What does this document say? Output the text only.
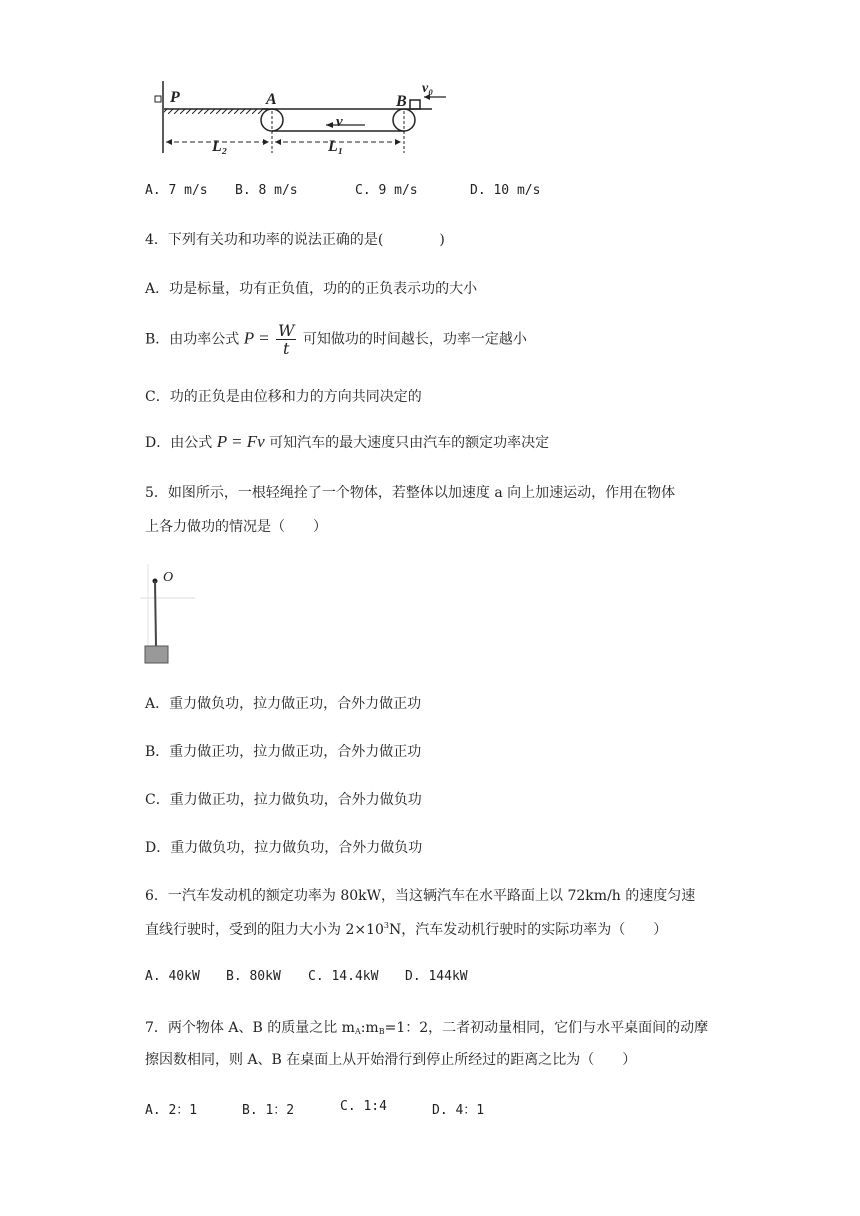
P	A	B
v₀
v
L₂	L₁
A. 7 m/s B. 8 m/s	C. 9 m/s	D. 10 m/s
4．下列有关功和功率的说法正确的是(　　　　)
A．功是标量，功有正负值，功的的正负表示功的大小
B．由功率公式 $P = \frac{W}{t}$ 可知做功的时间越长，功率一定越小
C．功的正负是由位移和力的方向共同决定的
D．由公式 P = Fv 可知汽车的最大速度只由汽车的额定功率决定
5．如图所示，一根轻绳拴了一个物体，若整体以加速度 a 向上加速运动，作用在物体
上各力做功的情况是（　　）
O
A．重力做负功，拉力做正功，合外力做正功
B．重力做正功，拉力做正功，合外力做正功
C．重力做正功，拉力做负功，合外力做负功
D．重力做负功，拉力做负功，合外力做负功
6．一汽车发动机的额定功率为 80kW，当这辆汽车在水平路面上以 72km/h 的速度匀速
直线行驶时，受到的阻力大小为 $2\times 10^3N$，汽车发动机行驶时的实际功率为（　　）
A. 40kW B. 80kW C. 14.4kW D. 144kW
7．两个物体 A、B 的质量之比 $m_A:m_B=1$：2，二者初动量相同，它们与水平桌面间的动摩
擦因数相同，则 A、B 在桌面上从开始滑行到停止所经过的距离之比为（　　）
A. 2：1	B. 1：2	C. 1:4	D. 4：1
